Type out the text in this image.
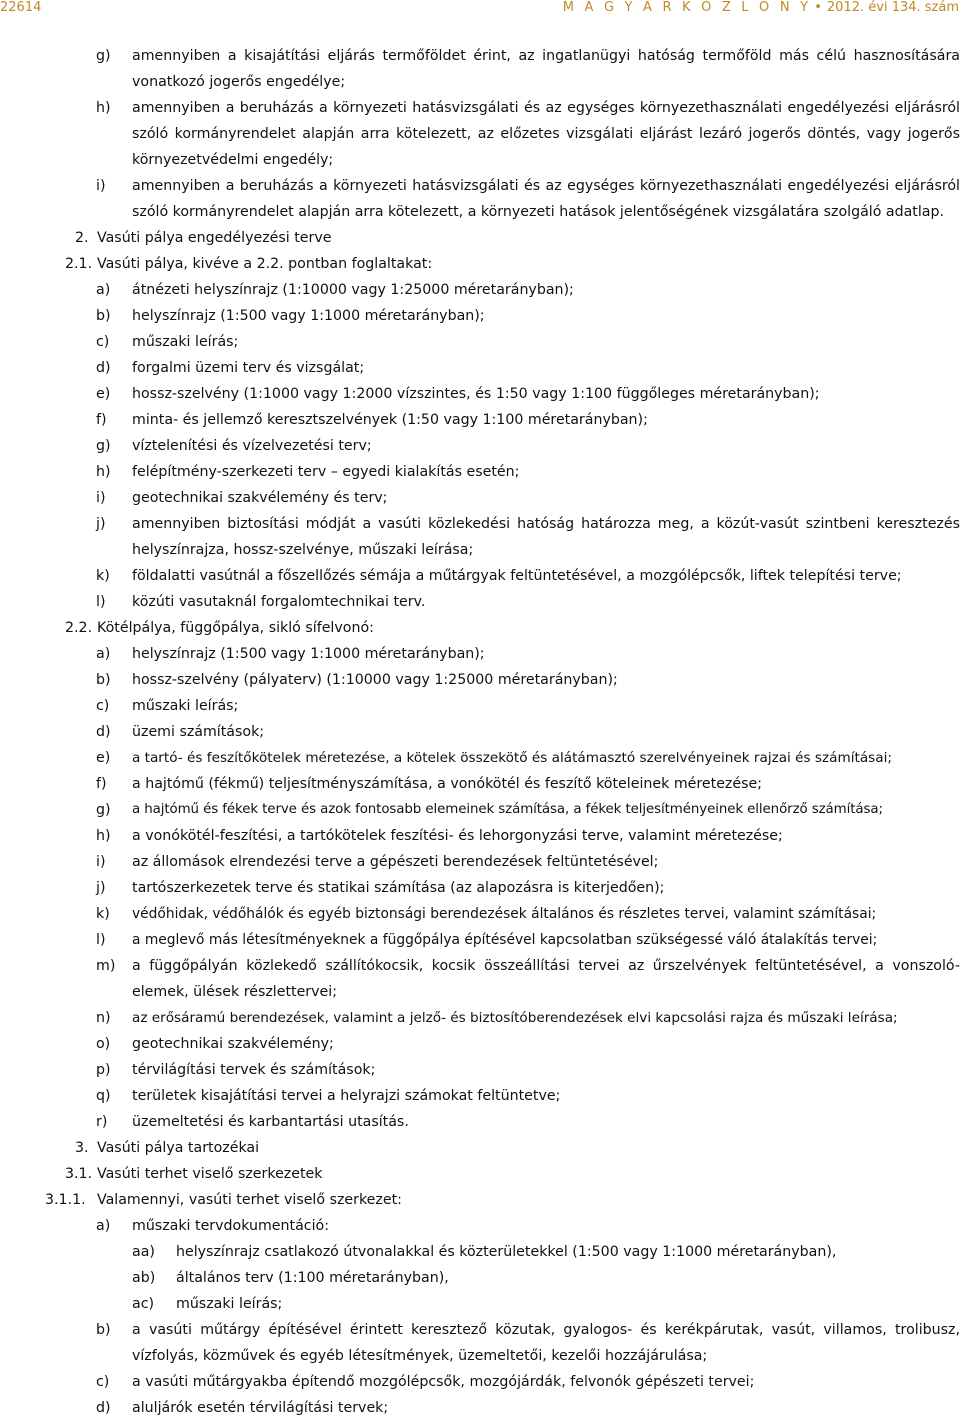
22614	M A G Y A R K Ö Z L Ö N Y • 2012. évi 134. szám
g) amennyiben a kisajátítási eljárás termőföldet érint, az ingatlanügyi hatóság termőföld más célú hasznosítására vonatkozó jogerős engedélye;
h) amennyiben a beruházás a környezeti hatásvizsgálati és az egységes környezethasználati engedélyezési eljárásról szóló kormányrendelet alapján arra kötelezett, az előzetes vizsgálati eljárást lezáró jogerős döntés, vagy jogerős környezetvédelmi engedély;
i) amennyiben a beruházás a környezeti hatásvizsgálati és az egységes környezethasználati engedélyezési eljárásról szóló kormányrendelet alapján arra kötelezett, a környezeti hatások jelentőségének vizsgálatára szolgáló adatlap.
2. Vasúti pálya engedélyezési terve
2.1. Vasúti pálya, kivéve a 2.2. pontban foglaltakat:
a) átnézeti helyszínrajz (1:10000 vagy 1:25000 méretarányban);
b) helyszínrajz (1:500 vagy 1:1000 méretarányban);
c) műszaki leírás;
d) forgalmi üzemi terv és vizsgálat;
e) hossz-szelvény (1:1000 vagy 1:2000 vízszintes, és 1:50 vagy 1:100 függőleges méretarányban);
f) minta- és jellemző keresztszelvények (1:50 vagy 1:100 méretarányban);
g) víztelenítési és vízelvezetési terv;
h) felépítmény-szerkezeti terv – egyedi kialakítás esetén;
i) geotechnikai szakvélemény és terv;
j) amennyiben biztosítási módját a vasúti közlekedési hatóság határozza meg, a közút-vasút szintbeni keresztezés helyszínrajza, hossz-szelvénye, műszaki leírása;
k) földalatti vasútnál a főszellőzés sémája a műtárgyak feltüntetésével, a mozgólépcsők, liftek telepítési terve;
l) közúti vasutaknál forgalomtechnikai terv.
2.2. Kötélpálya, függőpálya, sikló sífelvonó:
a) helyszínrajz (1:500 vagy 1:1000 méretarányban);
b) hossz-szelvény (pályaterv) (1:10000 vagy 1:25000 méretarányban);
c) műszaki leírás;
d) üzemi számítások;
e) a tartó- és feszítőkötelek méretezése, a kötelek összekötő és alátámasztó szerelvényeinek rajzai és számításai;
f) a hajtómű (fékmű) teljesítményszámítása, a vonókötél és feszítő köteleinek méretezése;
g) a hajtómű és fékek terve és azok fontosabb elemeinek számítása, a fékek teljesítményeinek ellenőrző számítása;
h) a vonókötél-feszítési, a tartókötelek feszítési- és lehorgonyzási terve, valamint méretezése;
i) az állomások elrendezési terve a gépészeti berendezések feltüntetésével;
j) tartószerkezetek terve és statikai számítása (az alapozásra is kiterjedően);
k) védőhidak, védőhálók és egyéb biztonsági berendezések általános és részletes tervei, valamint számításai;
l) a meglevő más létesítményeknek a függőpálya építésével kapcsolatban szükségessé váló átalakítás tervei;
m) a függőpályán közlekedő szállítókocsik, kocsik összeállítási tervei az űrszelvények feltüntetésével, a vonszoló-elemek, ülések részlettervei;
n) az erősáramú berendezések, valamint a jelző- és biztosítóberendezések elvi kapcsolási rajza és műszaki leírása;
o) geotechnikai szakvélemény;
p) térvilágítási tervek és számítások;
q) területek kisajátítási tervei a helyrajzi számokat feltüntetve;
r) üzemeltetési és karbantartási utasítás.
3. Vasúti pálya tartozékai
3.1. Vasúti terhet viselő szerkezetek
3.1.1. Valamennyi, vasúti terhet viselő szerkezet:
a) műszaki tervdokumentáció:
aa) helyszínrajz csatlakozó útvonalakkal és közterületekkel (1:500 vagy 1:1000 méretarányban),
ab) általános terv (1:100 méretarányban),
ac) műszaki leírás;
b) a vasúti műtárgy építésével érintett keresztező közutak, gyalogos- és kerékpárutak, vasút, villamos, trolibusz, vízfolyás, közművek és egyéb létesítmények, üzemeltetői, kezelői hozzájárulása;
c) a vasúti műtárgyakba építendő mozgólépcsők, mozgójárdák, felvonók gépészeti tervei;
d) aluljárók esetén térvilágítási tervek;
